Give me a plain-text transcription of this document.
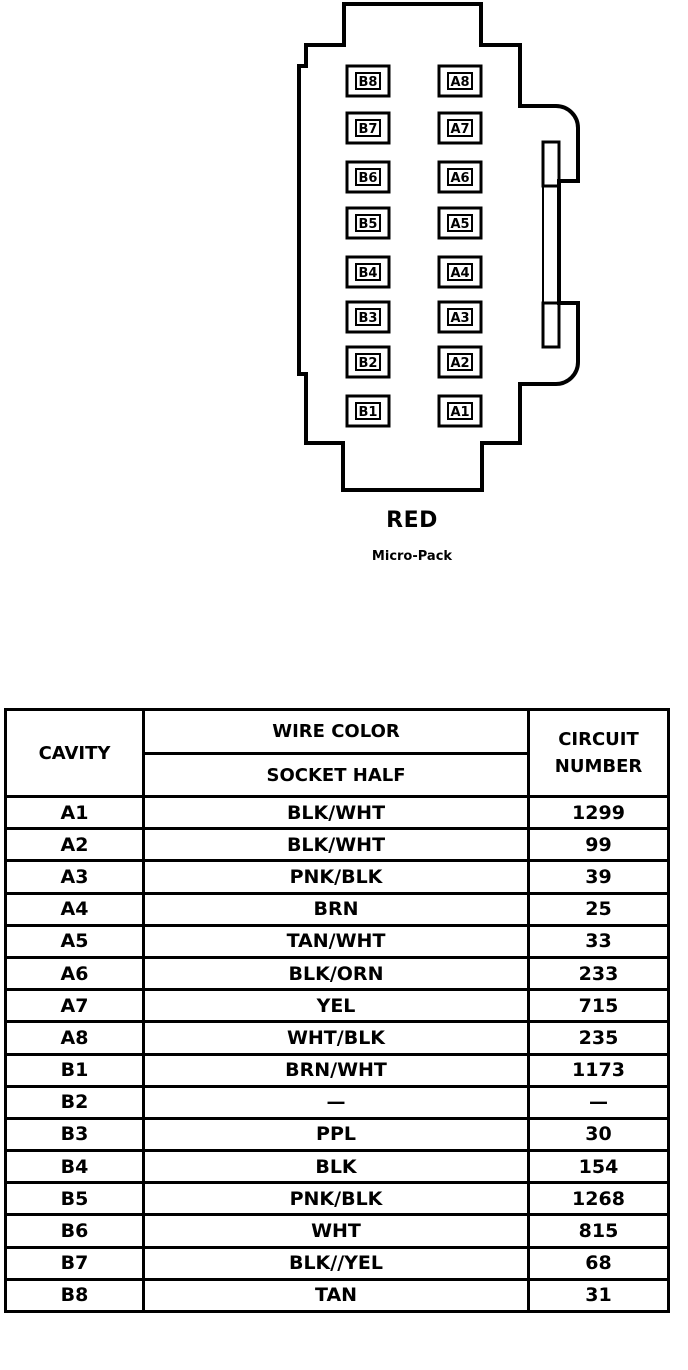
B8
B7
B6
B5
B4
B3
B2
B1
A8
A7
A6
A5
A4
A3
A2
A1
RED
Micro-Pack
CAVITY	WIRE COLOR	CIRCUIT
NUMBER

	SOCKET HALF	
A1	BLK/WHT	1299
A2	BLK/WHT	99
A3	PNK/BLK	39
A4	BRN	25
A5	TAN/WHT	33
A6	BLK/ORN	233
A7	YEL	715
A8	WHT/BLK	235
B1	BRN/WHT	1173
B2	—	—
B3	PPL	30
B4	BLK	154
B5	PNK/BLK	1268
B6	WHT	815
B7	BLK//YEL	68
B8	TAN	31
